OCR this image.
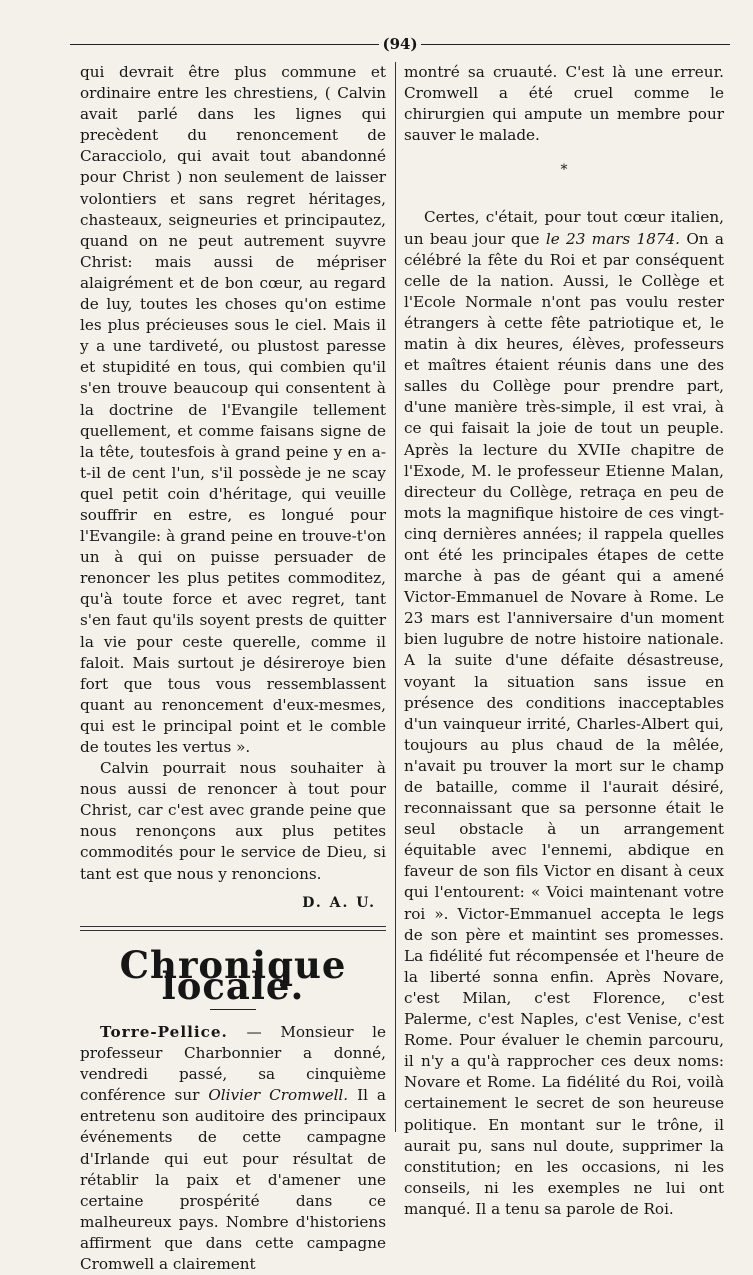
(94)

qui devrait être plus commune et ordinaire entre les chrestiens, ( Calvin avait parlé dans les lignes qui precèdent du renoncement de Caracciolo, qui avait tout abandonné pour Christ ) non seulement de laisser volontiers et sans regret héritages, chasteaux, seigneuries et principautez, quand on ne peut autrement suyvre Christ: mais aussi de mépriser alaigrément et de bon cœur, au regard de luy, toutes les choses qu'on estime les plus précieuses sous le ciel. Mais il y a une tardiveté, ou plustost paresse et stupidité en tous, qui combien qu'il s'en trouve beaucoup qui consentent à la doctrine de l'Evangile tellement quellement, et comme faisans signe de la tête, toutesfois à grand peine y en a-t-il de cent l'un, s'il possède je ne scay quel petit coin d'héritage, qui veuille souffrir en estre, es longué pour l'Evangile: à grand peine en trouve-t'on un à qui on puisse persuader de renoncer les plus petites commoditez, qu'à toute force et avec regret, tant s'en faut qu'ils soyent prests de quitter la vie pour ceste querelle, comme il faloit. Mais surtout je désireroye bien fort que tous vous ressemblassent quant au renoncement d'eux-mesmes, qui est le principal point et le comble de toutes les vertus ».

Calvin pourrait nous souhaiter à nous aussi de renoncer à tout pour Christ, car c'est avec grande peine que nous renonçons aux plus petites commodités pour le service de Dieu, si tant est que nous y renoncions.

D. A. U.
Chronique locale.

Torre-Pellice. — Monsieur le professeur Charbonnier a donné, vendredi passé, sa cinquième conférence sur Olivier Cromwell. Il a entretenu son auditoire des principaux événements de cette campagne d'Irlande qui eut pour résultat de rétablir la paix et d'amener une certaine prospérité dans ce malheureux pays. Nombre d'historiens affirment que dans cette campagne Cromwell a clairement

montré sa cruauté. C'est là une erreur. Cromwell a été cruel comme le chirurgien qui ampute un membre pour sauver le malade.

*

Certes, c'était, pour tout cœur italien, un beau jour que le 23 mars 1874. On a célébré la fête du Roi et par conséquent celle de la nation. Aussi, le Collège et l'Ecole Normale n'ont pas voulu rester étrangers à cette fête patriotique et, le matin à dix heures, élèves, professeurs et maîtres étaient réunis dans une des salles du Collège pour prendre part, d'une manière très-simple, il est vrai, à ce qui faisait la joie de tout un peuple. Après la lecture du XVIIe chapitre de l'Exode, M. le professeur Etienne Malan, directeur du Collège, retraça en peu de mots la magnifique histoire de ces vingt-cinq dernières années; il rappela quelles ont été les principales étapes de cette marche à pas de géant qui a amené Victor-Emmanuel de Novare à Rome. Le 23 mars est l'anniversaire d'un moment bien lugubre de notre histoire nationale. A la suite d'une défaite désastreuse, voyant la situation sans issue en présence des conditions inacceptables d'un vainqueur irrité, Charles-Albert qui, toujours au plus chaud de la mêlée, n'avait pu trouver la mort sur le champ de bataille, comme il l'aurait désiré, reconnaissant que sa personne était le seul obstacle à un arrangement équitable avec l'ennemi, abdique en faveur de son fils Victor en disant à ceux qui l'entourent: « Voici maintenant votre roi ». Victor-Emmanuel accepta le legs de son père et maintint ses promesses. La fidélité fut récompensée et l'heure de la liberté sonna enfin. Après Novare, c'est Milan, c'est Florence, c'est Palerme, c'est Naples, c'est Venise, c'est Rome. Pour évaluer le chemin parcouru, il n'y a qu'à rapprocher ces deux noms: Novare et Rome. La fidélité du Roi, voilà certainement le secret de son heureuse politique. En montant sur le trône, il aurait pu, sans nul doute, supprimer la constitution; en les occasions, ni les conseils, ni les exemples ne lui ont manqué. Il a tenu sa parole de Roi.
